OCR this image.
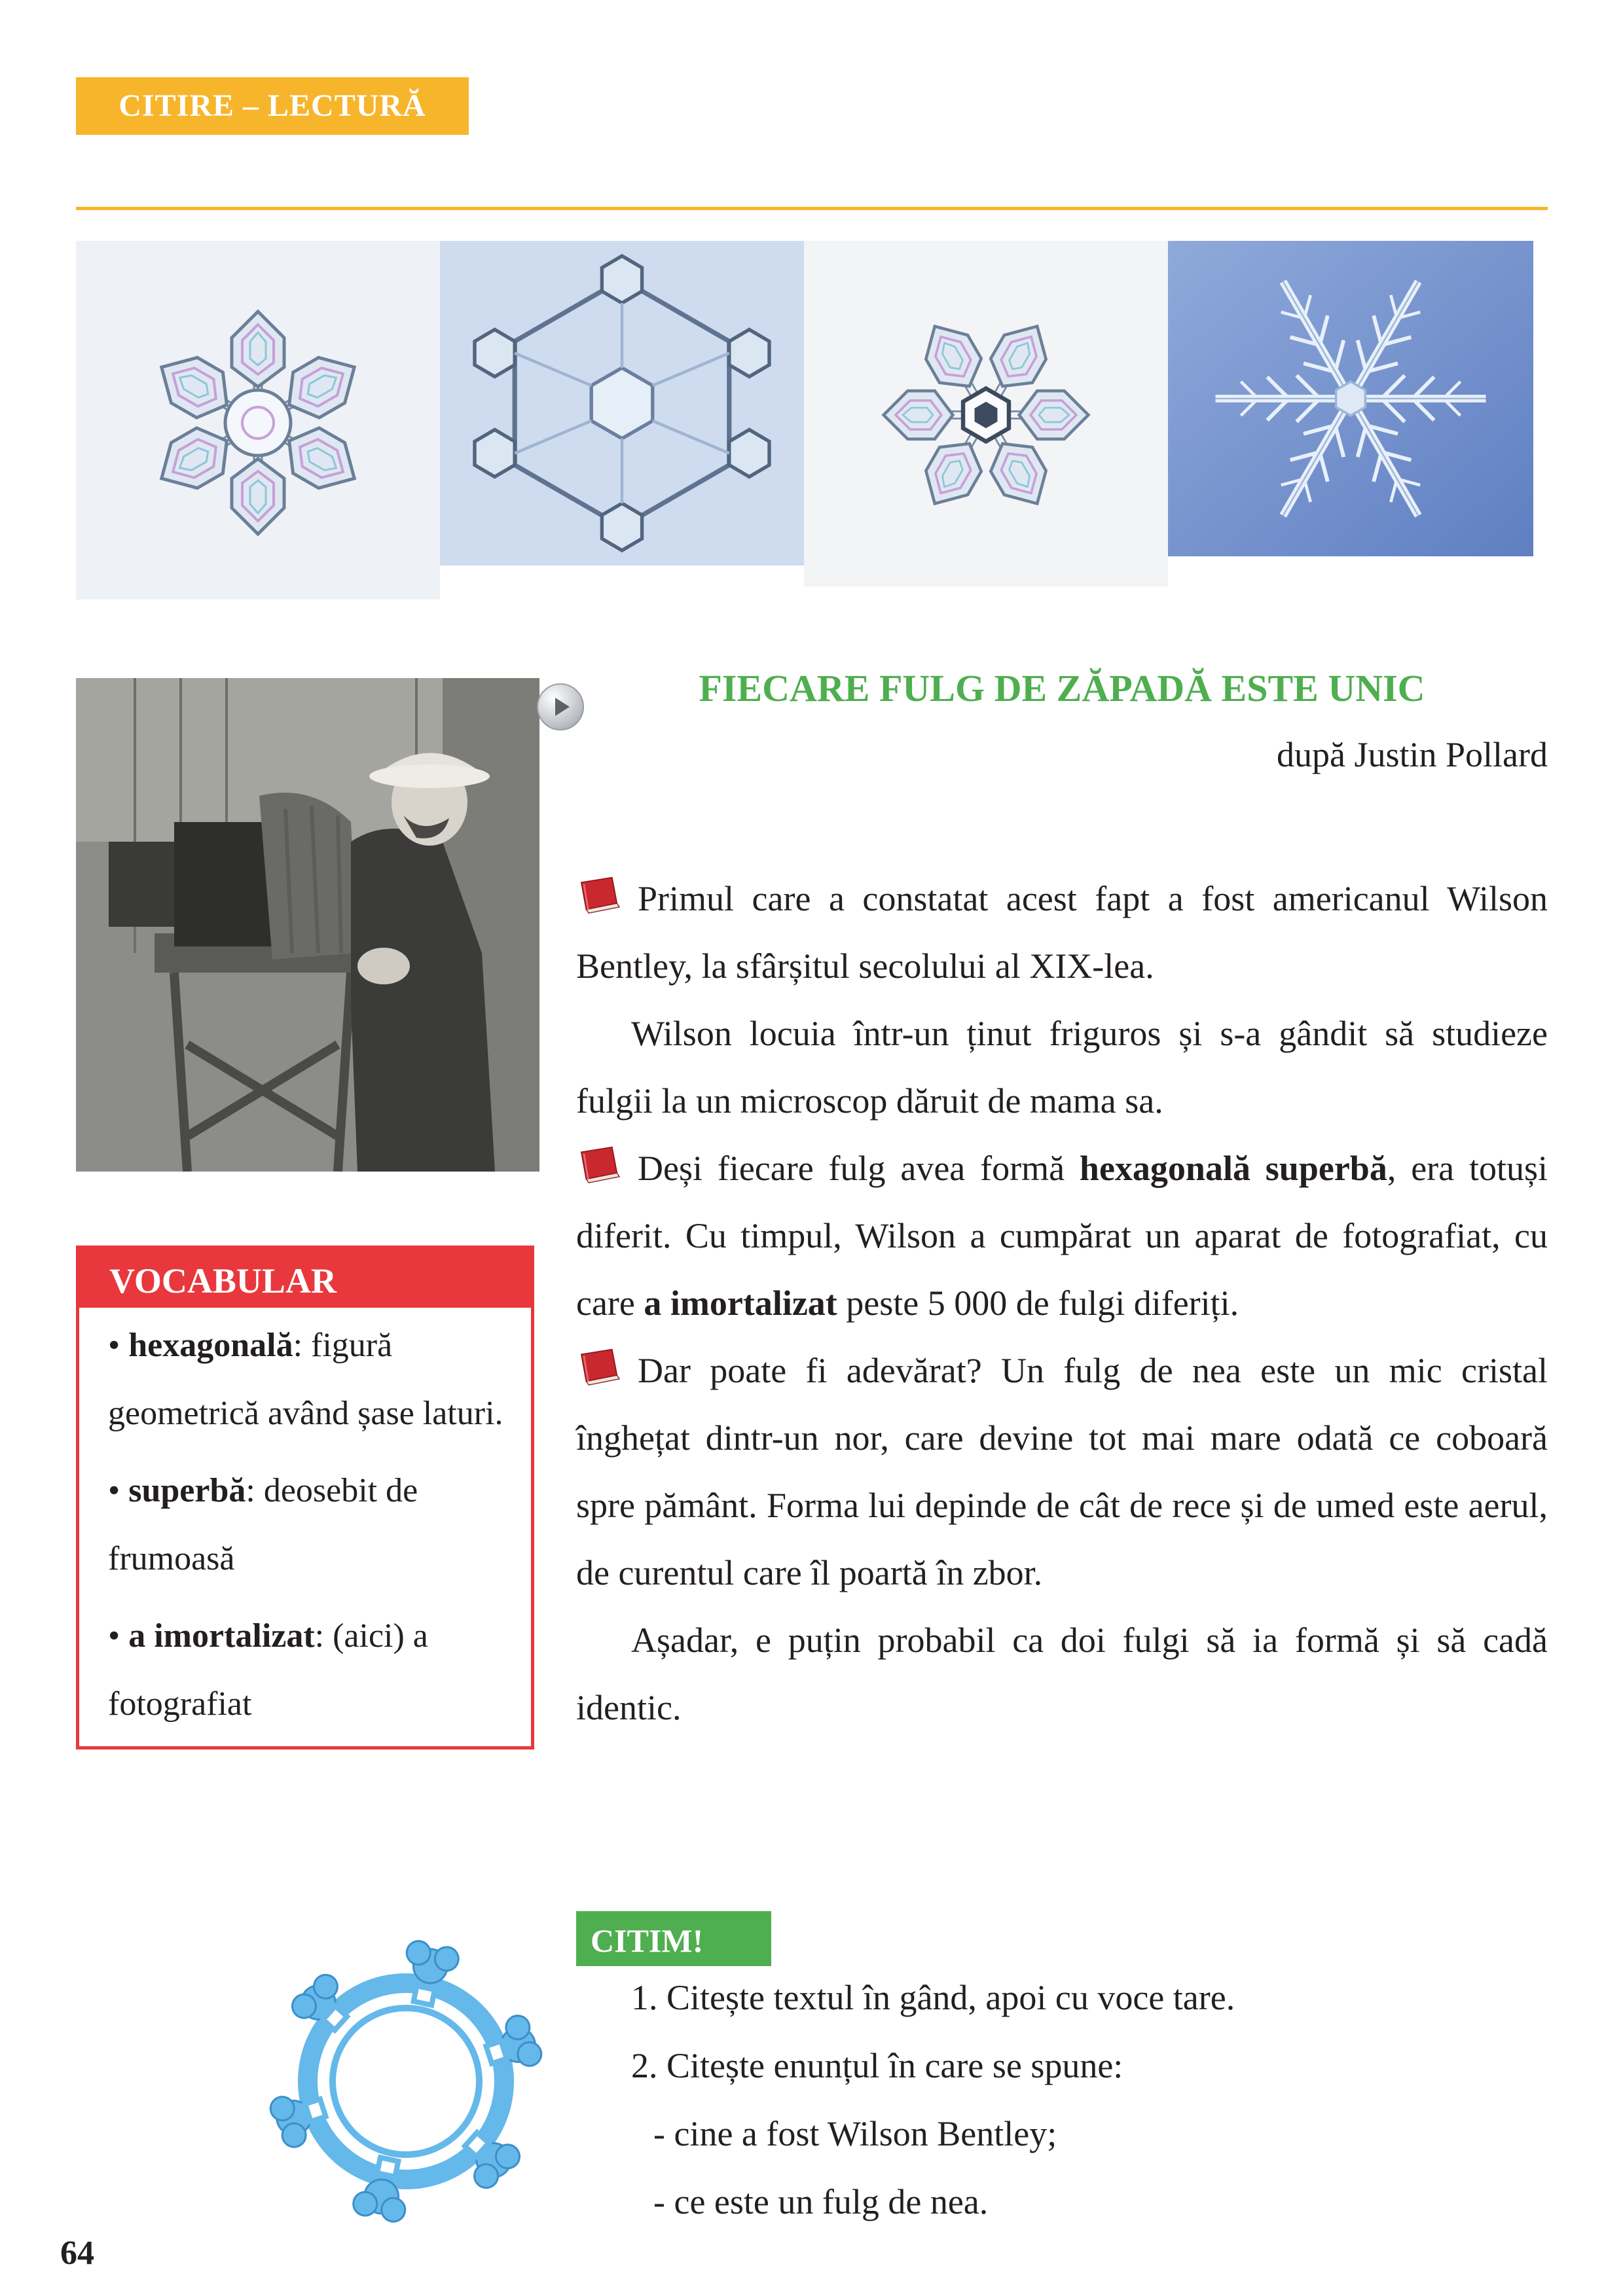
CITIRE – LECTURĂ
FIECARE FULG DE ZĂPADĂ ESTE UNIC
după Justin Pollard

Primul care a constatat acest fapt a fost americanul Wilson Bentley, la sfârșitul secolului al XIX-lea.

Wilson locuia într-un ținut friguros și s-a gândit să studieze fulgii la un microscop dăruit de mama sa.

Deși fiecare fulg avea formă hexagonală superbă, era totuși diferit. Cu timpul, Wilson a cumpărat un aparat de fotografiat, cu care a imortalizat peste 5 000 de fulgi diferiți.

Dar poate fi adevărat? Un fulg de nea este un mic cristal înghețat dintr-un nor, care devine tot mai mare odată ce coboară spre pământ. Forma lui depinde de cât de rece și de umed este aerul, de curentul care îl poartă în zbor.

Așadar, e puțin probabil ca doi fulgi să ia formă și să cadă identic.

VOCABULAR

• hexagonală: figură geometrică având șase laturi.

• superbă: deosebit de frumoasă

• a imortalizat: (aici) a fotografiat

CITIM!

1. Citește textul în gând, apoi cu voce tare.

2. Citește enunțul în care se spune:

- cine a fost Wilson Bentley;

- ce este un fulg de nea.

64
